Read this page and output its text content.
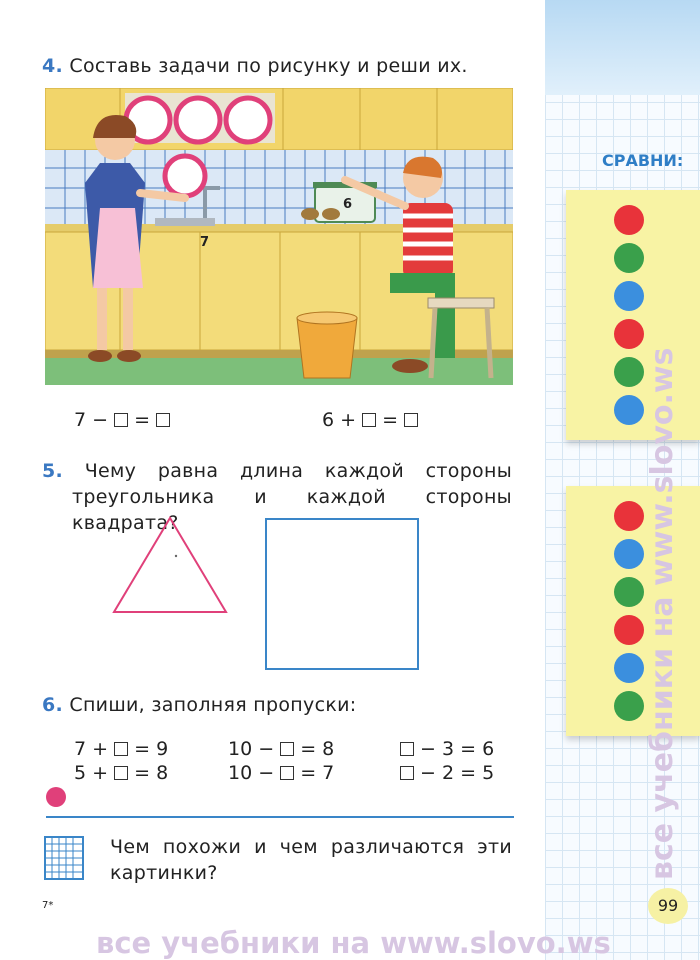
СРАВНИ:
все учебники на www.slovo.ws
99
4. Составь задачи по рисунку и реши их.
7
6
7 − =	6 + =
5. Чему равна длина каждой стороны
треугольника и каждой стороны квадрата?
6. Спиши, заполняя пропуски:
7 +  = 9	10 −  = 8	− 3 = 6
5 +  = 8	10 −  = 7	− 2 = 5
Чем похожи и чем различаются эти
картинки?
7*
все учебники на www.slovo.ws
